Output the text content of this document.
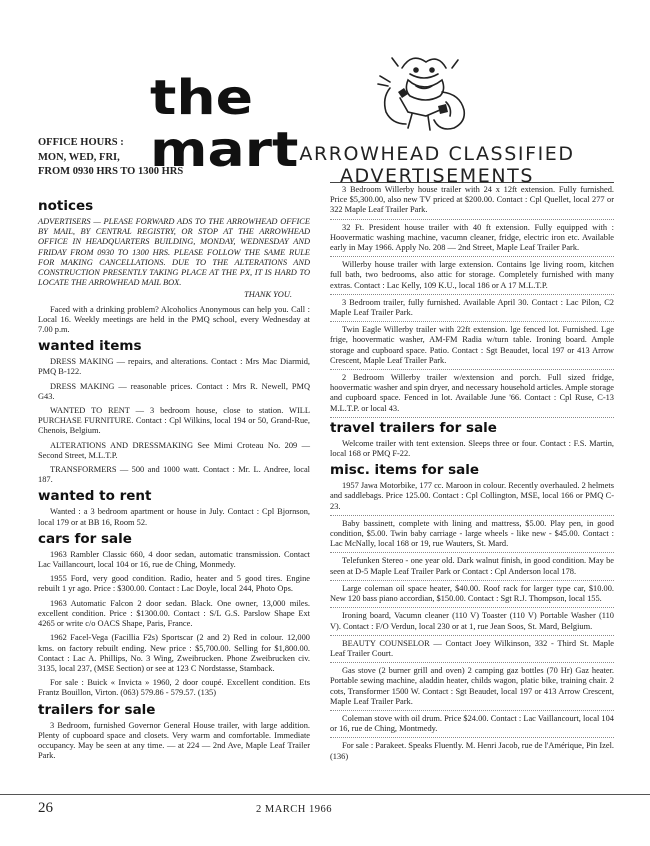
the mart
OFFICE HOURS :
MON, WED, FRI,
FROM 0930 HRS TO 1300 HRS
ARROWHEAD CLASSIFIED
ADVERTISEMENTS
notices

ADVERTISERS — PLEASE FORWARD ADS TO THE ARROWHEAD OFFICE BY MAIL, BY CENTRAL REGISTRY, OR STOP AT THE ARROWHEAD OFFICE IN HEADQUARTERS BUILDING, MONDAY, WEDNESDAY AND FRIDAY FROM 0930 TO 1300 HRS. PLEASE FOLLOW THE SAME RULE FOR MAKING CANCELLATIONS. DUE TO THE ALTERATIONS AND CONSTRUCTION PRESENTLY TAKING PLACE AT THE PX, IT IS HARD TO LOCATE THE ARROWHEAD MAIL BOX.

THANK YOU.

Faced with a drinking problem? Alcoholics Anonymous can help you. Call : Local 16. Weekly meetings are held in the PMQ school, every Wednesday at 7.00 p.m.

wanted items

DRESS MAKING — repairs, and alterations. Contact : Mrs Mac Diarmid, PMQ B-122.

DRESS MAKING — reasonable prices. Contact : Mrs R. Newell, PMQ G43.

WANTED TO RENT — 3 bedroom house, close to station. WILL PURCHASE FURNITURE. Contact : Cpl Wilkins, local 194 or 50, Grand-Rue, Chenois, Belgium.

ALTERATIONS AND DRESSMAKING See Mimi Croteau No. 209 — Second Street, M.L.T.P.

TRANSFORMERS — 500 and 1000 watt. Contact : Mr. L. Andree, local 187.

wanted to rent

Wanted : a 3 bedroom apartment or house in July. Contact : Cpl Bjornson, local 179 or at BB 16, Room 52.

cars for sale

1963 Rambler Classic 660, 4 door sedan, automatic transmission. Contact Lac Vaillancourt, local 104 or 16, rue de Ching, Monmedy.

1955 Ford, very good condition. Radio, heater and 5 good tires. Engine rebuilt 1 yr ago. Price : $300.00. Contact : Lac Doyle, local 244, Photo Ops.

1963 Automatic Falcon 2 door sedan. Black. One owner, 13,000 miles. excellent condition. Price : $1300.00. Contact : S/L G.S. Parslow Shape Ext 4265 or write c/o OACS Shape, Paris, France.

1962 Facel-Vega (Facillia F2s) Sportscar (2 and 2) Red in colour. 12,000 kms. on factory rebuilt ending. New price : $5,700.00. Selling for $1,800.00. Contact : Lac A. Phillips, No. 3 Wing, Zweibrucken. Phone Zweibrucken civ. 3135, local 237, (MSE Section) or see at 123 C Nordstasse, Stamback.

For sale : Buick « Invicta » 1960, 2 door coupé. Excellent condition. Ets Frantz Bouillon, Virton. (063) 579.86 - 579.57. (135)

trailers for sale

3 Bedroom, furnished Governor General House trailer, with large addition. Plenty of cupboard space and closets. Very warm and comfortable. Immediate occupancy. May be seen at any time. — at 224 — 2nd Ave, Maple Leaf Trailer Park.

3 Bedroom Willerby house trailer with 24 x 12ft extension. Fully furnished. Price $5,300.00, also new TV priced at $200.00. Contact : Cpl Quellet, local 277 or 322 Maple Leaf Trailer Park.

32 Ft. President house trailer with 40 ft extension. Fully equipped with : Hoovermatic washing machine, vacumn cleaner, fridge, electric iron etc. Available early in May 1966. Apply No. 208 — 2nd Street, Maple Leaf Trailer Park.

Willerby house trailer with large extension. Contains lge living room, kitchen full bath, two bedrooms, also attic for storage. Completely furnished with many extras. Contact : Lac Kelly, 109 K.U., local 186 or A 17 M.L.T.P.

3 Bedroom trailer, fully furnished. Available April 30. Contact : Lac Pilon, C2 Maple Leaf Trailer Park.

Twin Eagle Willerby trailer with 22ft extension. lge fenced lot. Furnished. Lge frige, hoovermatic washer, AM-FM Radia w/turn table. Ironing board. Ample storage and cupboard space. Patio. Contact : Sgt Beaudet, local 197 or 413 Arrow Crescent, Maple Leaf Trailer Park.

2 Bedroom Willerby trailer w/extension and porch. Full sized fridge, hoovermatic washer and spin dryer, and necessary household articles. Ample storage and cupboard space. Fenced in lot. Available June '66. Contact : Cpl Ruse, C-13 M.L.T.P. or local 43.

travel trailers for sale

Welcome trailer with tent extension. Sleeps three or four. Contact : F.S. Martin, local 168 or PMQ F-22.

misc. items for sale

1957 Jawa Motorbike, 177 cc. Maroon in colour. Recently overhauled. 2 helmets and saddlebags. Price 125.00. Contact : Cpl Collington, MSE, local 166 or PMQ C-23.

Baby bassinett, complete with lining and mattress, $5.00. Play pen, in good condition, $5.00. Twin baby carriage - large wheels - like new - $45.00. Contact : Lac McNally, local 168 or 19, rue Wauters, St. Mard.

Telefunken Stereo - one year old. Dark walnut finish, in good condition. May be seen at D-5 Maple Leaf Trailer Park or Contact : Cpl Anderson local 178.

Large coleman oil space heater, $40.00. Roof rack for larger type car, $10.00. New 120 bass piano accordian, $150.00. Contact : Sgt R.J. Thompson, local 155.

Ironing board, Vacumn cleaner (110 V) Toaster (110 V) Portable Washer (110 V). Contact : F/O Verdun, local 230 or at 1, rue Jean Soos, St. Mard, Belgium.

BEAUTY COUNSELOR — Contact Joey Wilkinson, 332 - Third St. Maple Leaf Trailer Court.

Gas stove (2 burner grill and oven) 2 camping gaz bottles (70 Hr) Gaz heater. Portable sewing machine, aladdin heater, childs wagon, platic bike, training chair. 2 cots, Transformer 1500 W. Contact : Sgt Beaudet, local 197 or 413 Arrow Crescent, Maple Leaf Trailer Park.

Coleman stove with oil drum. Price $24.00. Contact : Lac Vaillancourt, local 104 or 16, rue de Ching, Montmedy.

For sale : Parakeet. Speaks Fluently. M. Henri Jacob, rue de l'Amérique, Pin Izel. (136)

26	2 MARCH 1966
